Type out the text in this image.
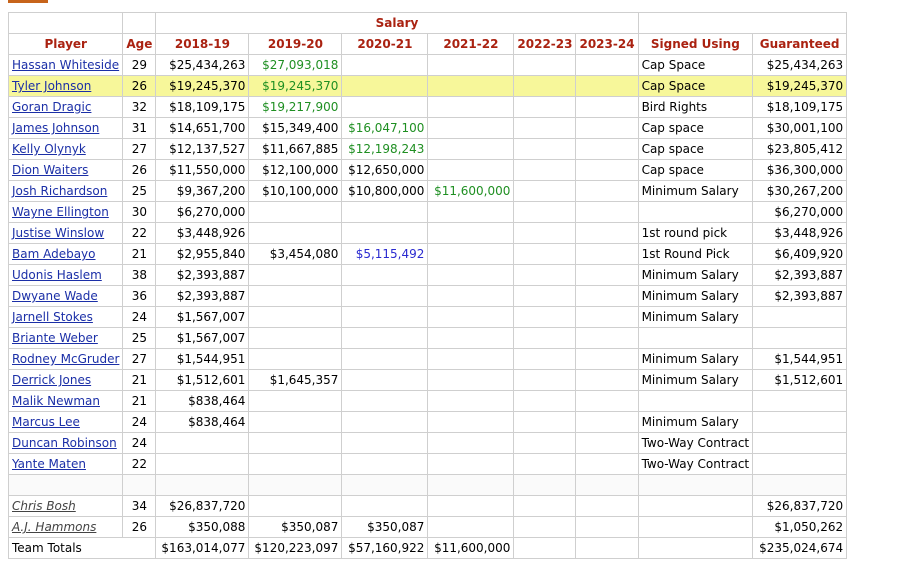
		Salary							
Player	Age	2018-19	2019-20	2020-21	2021-22	2022-23	2023-24	Signed Using	Guaranteed
Hassan Whiteside	29	$25,434,263	$27,093,018					Cap Space	$25,434,263
Tyler Johnson	26	$19,245,370	$19,245,370					Cap Space	$19,245,370
Goran Dragic	32	$18,109,175	$19,217,900					Bird Rights	$18,109,175
James Johnson	31	$14,651,700	$15,349,400	$16,047,100				Cap space	$30,001,100
Kelly Olynyk	27	$12,137,527	$11,667,885	$12,198,243				Cap space	$23,805,412
Dion Waiters	26	$11,550,000	$12,100,000	$12,650,000				Cap space	$36,300,000
Josh Richardson	25	$9,367,200	$10,100,000	$10,800,000	$11,600,000			Minimum Salary	$30,267,200
Wayne Ellington	30	$6,270,000							$6,270,000
Justise Winslow	22	$3,448,926						1st round pick	$3,448,926
Bam Adebayo	21	$2,955,840	$3,454,080	$5,115,492				1st Round Pick	$6,409,920
Udonis Haslem	38	$2,393,887						Minimum Salary	$2,393,887
Dwyane Wade	36	$2,393,887						Minimum Salary	$2,393,887
Jarnell Stokes	24	$1,567,007						Minimum Salary	
Briante Weber	25	$1,567,007							
Rodney McGruder	27	$1,544,951						Minimum Salary	$1,544,951
Derrick Jones	21	$1,512,601	$1,645,357					Minimum Salary	$1,512,601
Malik Newman	21	$838,464							
Marcus Lee	24	$838,464						Minimum Salary	
Duncan Robinson	24							Two-Way Contract	
Yante Maten	22							Two-Way Contract	

Chris Bosh	34	$26,837,720							$26,837,720
A.J. Hammons	26	$350,088	$350,087	$350,087					$1,050,262
Team Totals		$163,014,077	$120,223,097	$57,160,922	$11,600,000				$235,024,674
